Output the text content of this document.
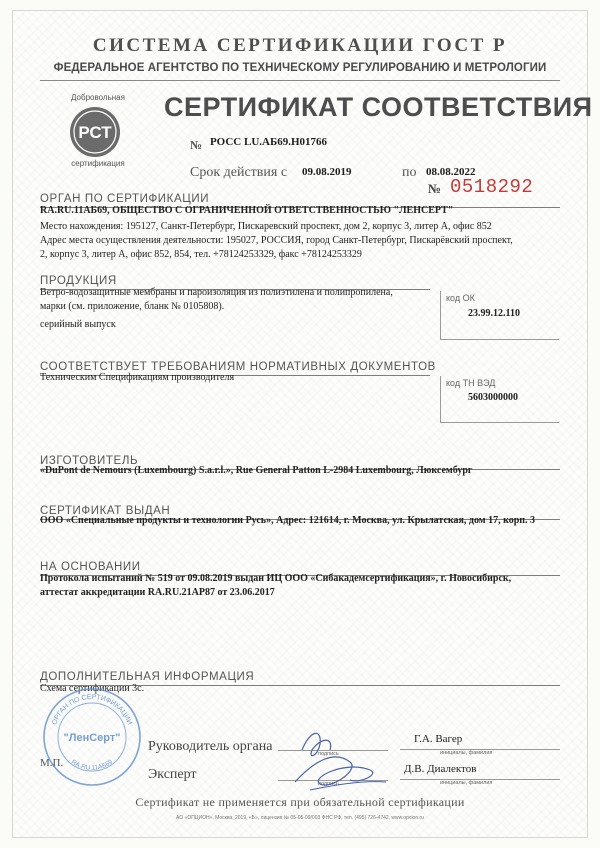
СИСТЕМА СЕРТИФИКАЦИИ ГОСТ Р
ФЕДЕРАЛЬНОЕ АГЕНТСТВО ПО ТЕХНИЧЕСКОМУ РЕГУЛИРОВАНИЮ И МЕТРОЛОГИИ
Добровольная
РСТ
сертификация
СЕРТИФИКАТ СООТВЕТСТВИЯ
№ РОСС LU.АБ69.Н01766
Срок действия с 09.08.2019	по 08.08.2022
№ 0518292
ОРГАН ПО СЕРТИФИКАЦИИ
RA.RU.11АБ69, ОБЩЕСТВО С ОГРАНИЧЕННОЙ ОТВЕТСТВЕННОСТЬЮ "ЛЕНСЕРТ"
Место нахождения: 195127, Санкт-Петербург, Пискаревский проспект, дом 2, корпус 3, литер А, офис 852
Адрес места осуществления деятельности: 195027, РОССИЯ, город Санкт-Петербург, Пискарёвский проспект,
2, корпус 3, литер А, офис 852, 854, тел. +78124253329, факс +78124253329
ПРОДУКЦИЯ
Ветро-водозащитные мембраны и пароизоляция из полиэтилена и полипропилена,
марки (см. приложение, бланк № 0105808).
серийный выпуск
код ОК
23.99.12.110
СООТВЕТСТВУЕТ ТРЕБОВАНИЯМ НОРМАТИВНЫХ ДОКУМЕНТОВ
Техническим Спецификациям производителя	код ТН ВЭД
5603000000
ИЗГОТОВИТЕЛЬ
«DuPont de Nemours (Luxembourg) S.a.r.l.», Rue General Patton L-2984 Luxembourg, Люксембург
СЕРТИФИКАТ ВЫДАН
ООО «Специальные продукты и технологии Русь», Адрес: 121614, г. Москва, ул. Крылатская, дом 17, корп. 3
НА ОСНОВАНИИ
Протокола испытаний № 519 от 09.08.2019 выдан ИЦ ООО «Сибакадемсертификация», г. Новосибирск,
аттестат аккредитации RA.RU.21АР87 от 23.06.2017
ДОПОЛНИТЕЛЬНАЯ ИНФОРМАЦИЯ
Схема сертификации 3с.
ОРГАН ПО СЕРТИФИКАЦИИ
"ЛенСерт"
RA.RU.11АБ69
Руководитель органа
М.П.
Эксперт
подпись
подпись
Г.А. Вагер
инициалы, фамилия
Д.В. Диалектов
инициалы, фамилия
Сертификат не применяется при обязательной сертификации
АО «ОПЦИОН», Москва, 2019, «Б», лицензия № 05-05-09/003 ФНС РФ, тел. (495) 726-4742, www.opcion.ru
